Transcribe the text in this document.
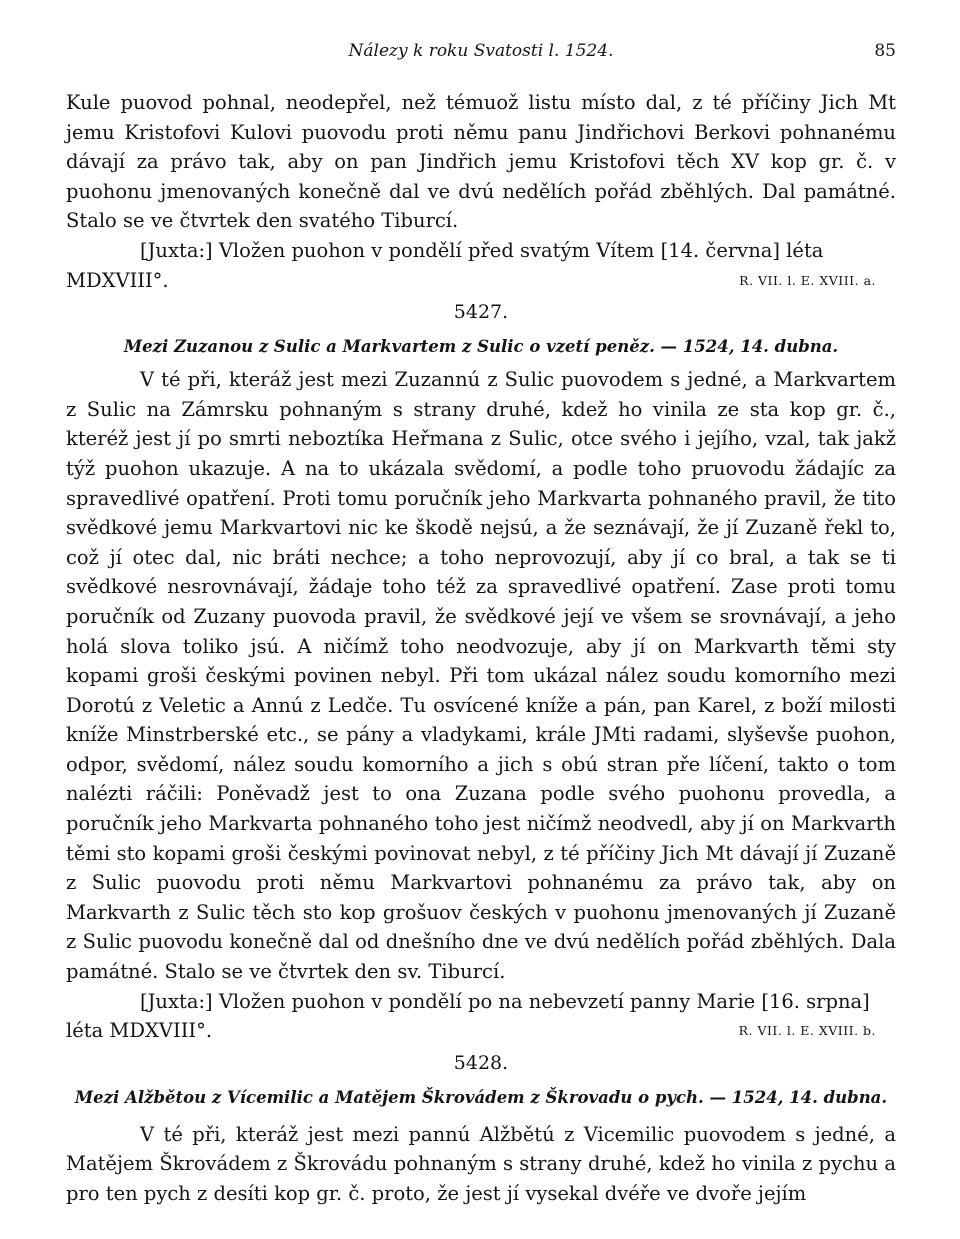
Nálezy k roku Svatosti l. 1524.	85

Kule puovod pohnal, neodepřel, než témuož listu místo dal, z té příčiny Jich Mt jemu Kristofovi Kulovi puovodu proti němu panu Jindřichovi Berkovi pohnanému dávají za právo tak, aby on pan Jindřich jemu Kristofovi těch XV kop gr. č. v puohonu jmenovaných konečně dal ve dvú nedělích pořád zběhlých. Dal památné. Stalo se ve čtvrtek den svatého Tiburcí.

[Juxta:] Vložen puohon v pondělí před svatým Vítem [14. června] léta

MDXVIII°.	R. VII. l. E. XVIII. a.
5427.
Mezi Zuzanou z Sulic a Markvartem z Sulic o vzetí peněz. — 1524, 14. dubna.

V té při, kteráž jest mezi Zuzannú z Sulic puovodem s jedné, a Markvartem z Sulic na Zámrsku pohnaným s strany druhé, kdež ho vinila ze sta kop gr. č., kteréž jest jí po smrti neboztíka Heřmana z Sulic, otce svého i jejího, vzal, tak jakž týž puohon ukazuje. A na to ukázala svědomí, a podle toho pruovodu žádajíc za spravedlivé opatření. Proti tomu poručník jeho Markvarta pohnaného pravil, že tito svědkové jemu Markvartovi nic ke škodě nejsú, a že seznávají, že jí Zuzaně řekl to, což jí otec dal, nic bráti nechce; a toho neprovozují, aby jí co bral, a tak se ti svědkové nesrovnávají, žádaje toho též za spravedlivé opatření. Zase proti tomu poručník od Zuzany puovoda pravil, že svědkové její ve všem se srovnávají, a jeho holá slova toliko jsú. A ničímž toho neodvozuje, aby jí on Markvarth těmi sty kopami groši českými povinen nebyl. Při tom ukázal nález soudu komorního mezi Dorotú z Veletic a Annú z Ledče. Tu osvícené kníže a pán, pan Karel, z boží milosti kníže Minstrberské etc., se pány a vladykami, krále JMti radami, slyševše puohon, odpor, svědomí, nález soudu komorního a jich s obú stran pře líčení, takto o tom nalézti ráčili: Poněvadž jest to ona Zuzana podle svého puohonu provedla, a poručník jeho Markvarta pohnaného toho jest ničímž neodvedl, aby jí on Markvarth těmi sto kopami groši českými povinovat nebyl, z té příčiny Jich Mt dávají jí Zuzaně z Sulic puovodu proti němu Markvartovi pohnanému za právo tak, aby on Markvarth z Sulic těch sto kop grošuov českých v puohonu jmenovaných jí Zuzaně z Sulic puovodu konečně dal od dnešního dne ve dvú nedělích pořád zběhlých. Dala památné. Stalo se ve čtvrtek den sv. Tiburcí.

[Juxta:] Vložen puohon v pondělí po na nebevzetí panny Marie [16. srpna]

léta MDXVIII°.	R. VII. l. E. XVIII. b.
5428.
Mezi Alžbětou z Vícemilic a Matějem Škrovádem z Škrovadu o pych. — 1524, 14. dubna.

V té při, kteráž jest mezi pannú Alžbětú z Vicemilic puovodem s jedné, a Matějem Škrovádem z Škrovádu pohnaným s strany druhé, kdež ho vinila z pychu a pro ten pych z desíti kop gr. č. proto, že jest jí vysekal dvéře ve dvoře jejím
